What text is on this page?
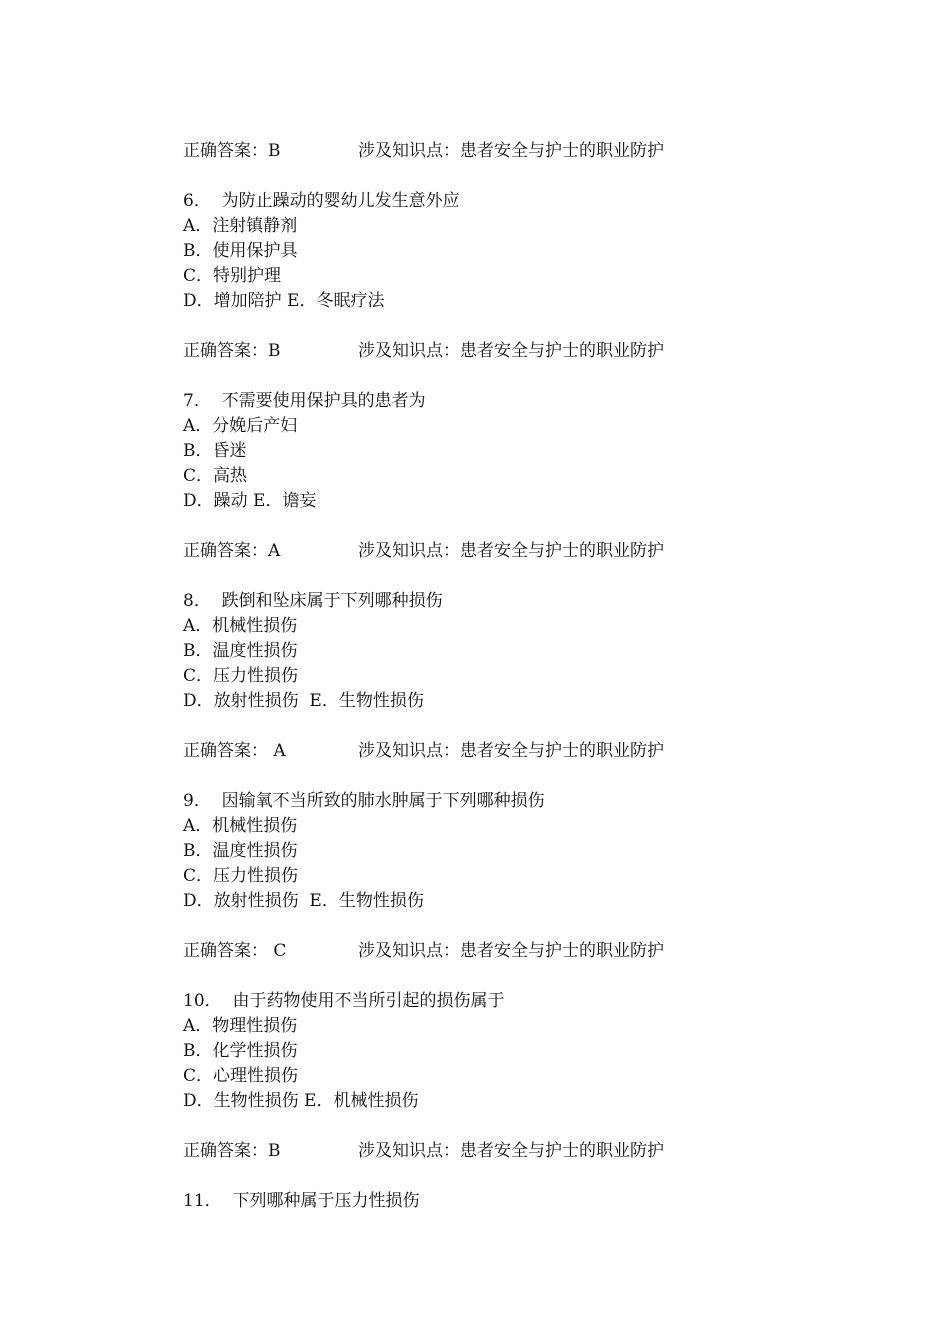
正确答案：B	涉及知识点：患者安全与护士的职业防护
6．  为防止躁动的婴幼儿发生意外应
A．注射镇静剂
B．使用保护具
C．特别护理
D．增加陪护 E．冬眠疗法
正确答案：B	涉及知识点：患者安全与护士的职业防护
7．  不需要使用保护具的患者为
A．分娩后产妇
B．昏迷
C．高热
D．躁动 E．谵妄
正确答案：A	涉及知识点：患者安全与护士的职业防护
8．  跌倒和坠床属于下列哪种损伤
A．机械性损伤
B．温度性损伤
C．压力性损伤
D．放射性损伤  E．生物性损伤
正确答案： A	涉及知识点：患者安全与护士的职业防护
9．  因输氧不当所致的肺水肿属于下列哪种损伤
A．机械性损伤
B．温度性损伤
C．压力性损伤
D．放射性损伤  E．生物性损伤
正确答案： C	涉及知识点：患者安全与护士的职业防护
10．  由于药物使用不当所引起的损伤属于
A．物理性损伤
B．化学性损伤
C．心理性损伤
D．生物性损伤 E．机械性损伤
正确答案：B	涉及知识点：患者安全与护士的职业防护
11．  下列哪种属于压力性损伤
